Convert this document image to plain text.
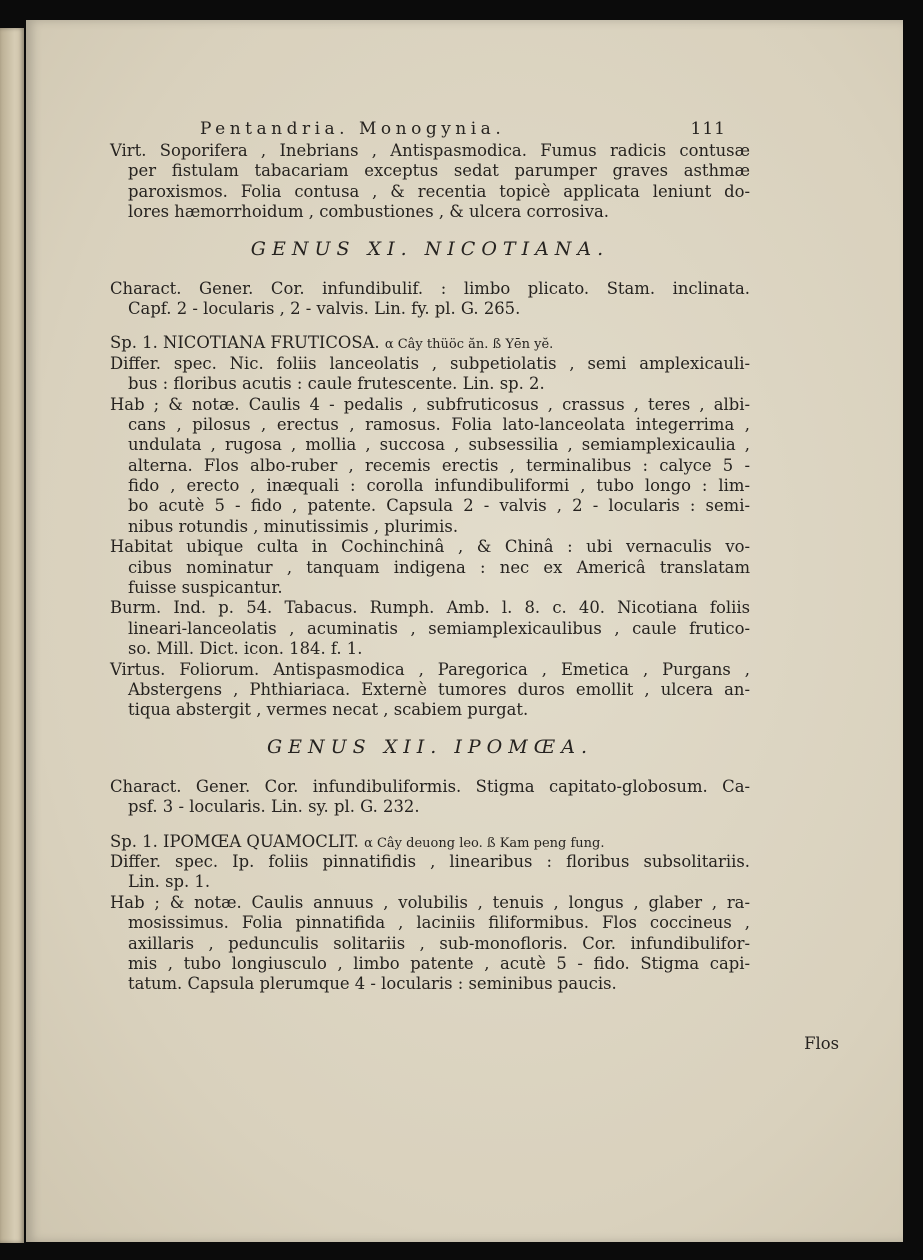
Pentandria. Monogynia.	111
Virt. Soporifera , Inebrians , Antispasmodica. Fumus radicis contusæ
per fistulam tabacariam exceptus sedat parumper graves asthmæ
paroxismos. Folia contusa , & recentia topicè applicata leniunt do-
lores hæmorrhoidum , combustiones , & ulcera corrosiva.
GENUS XI. NICOTIANA.
Charact. Gener. Cor. infundibulif. : limbo plicato. Stam. inclinata.
Capf. 2 - locularis , 2 - valvis. Lin. fy. pl. G. 265.
Sp. 1. NICOTIANA FRUTICOSA. α Cây thüöc ăn. ß Yēn yĕ.
Differ. spec. Nic. foliis lanceolatis , subpetiolatis , semi amplexicauli-
bus : floribus acutis : caule frutescente. Lin. sp. 2.
Hab ; & notæ. Caulis 4 - pedalis , subfruticosus , crassus , teres , albi-
cans , pilosus , erectus , ramosus. Folia lato-lanceolata integerrima ,
undulata , rugosa , mollia , succosa , subsessilia , semiamplexicaulia ,
alterna. Flos albo-ruber , recemis erectis , terminalibus : calyce 5 -
fido , erecto , inæquali : corolla infundibuliformi , tubo longo : lim-
bo acutè 5 - fido , patente. Capsula 2 - valvis , 2 - locularis : semi-
nibus rotundis , minutissimis , plurimis.
Habitat ubique culta in Cochinchinâ , & Chinâ : ubi vernaculis vo-
cibus nominatur , tanquam indigena : nec ex Americâ translatam
fuisse suspicantur.
Burm. Ind. p. 54. Tabacus. Rumph. Amb. l. 8. c. 40. Nicotiana foliis
lineari-lanceolatis , acuminatis , semiamplexicaulibus , caule frutico-
so. Mill. Dict. icon. 184. f. 1.
Virtus. Foliorum. Antispasmodica , Paregorica , Emetica , Purgans ,
Abstergens , Phthiariaca. Externè tumores duros emollit , ulcera an-
tiqua abstergit , vermes necat , scabiem purgat.
GENUS XII. IPOMŒA.
Charact. Gener. Cor. infundibuliformis. Stigma capitato-globosum. Ca-
psf. 3 - locularis. Lin. sy. pl. G. 232.
Sp. 1. IPOMŒA QUAMOCLIT. α Cây deuong leo. ß Kam peng fung.
Differ. spec. Ip. foliis pinnatifidis , linearibus : floribus subsolitariis.
Lin. sp. 1.
Hab ; & notæ. Caulis annuus , volubilis , tenuis , longus , glaber , ra-
mosissimus. Folia pinnatifida , laciniis filiformibus. Flos coccineus ,
axillaris , pedunculis solitariis , sub-monofloris. Cor. infundibulifor-
mis , tubo longiusculo , limbo patente , acutè 5 - fido. Stigma capi-
tatum. Capsula plerumque 4 - locularis : seminibus paucis.
Flos
